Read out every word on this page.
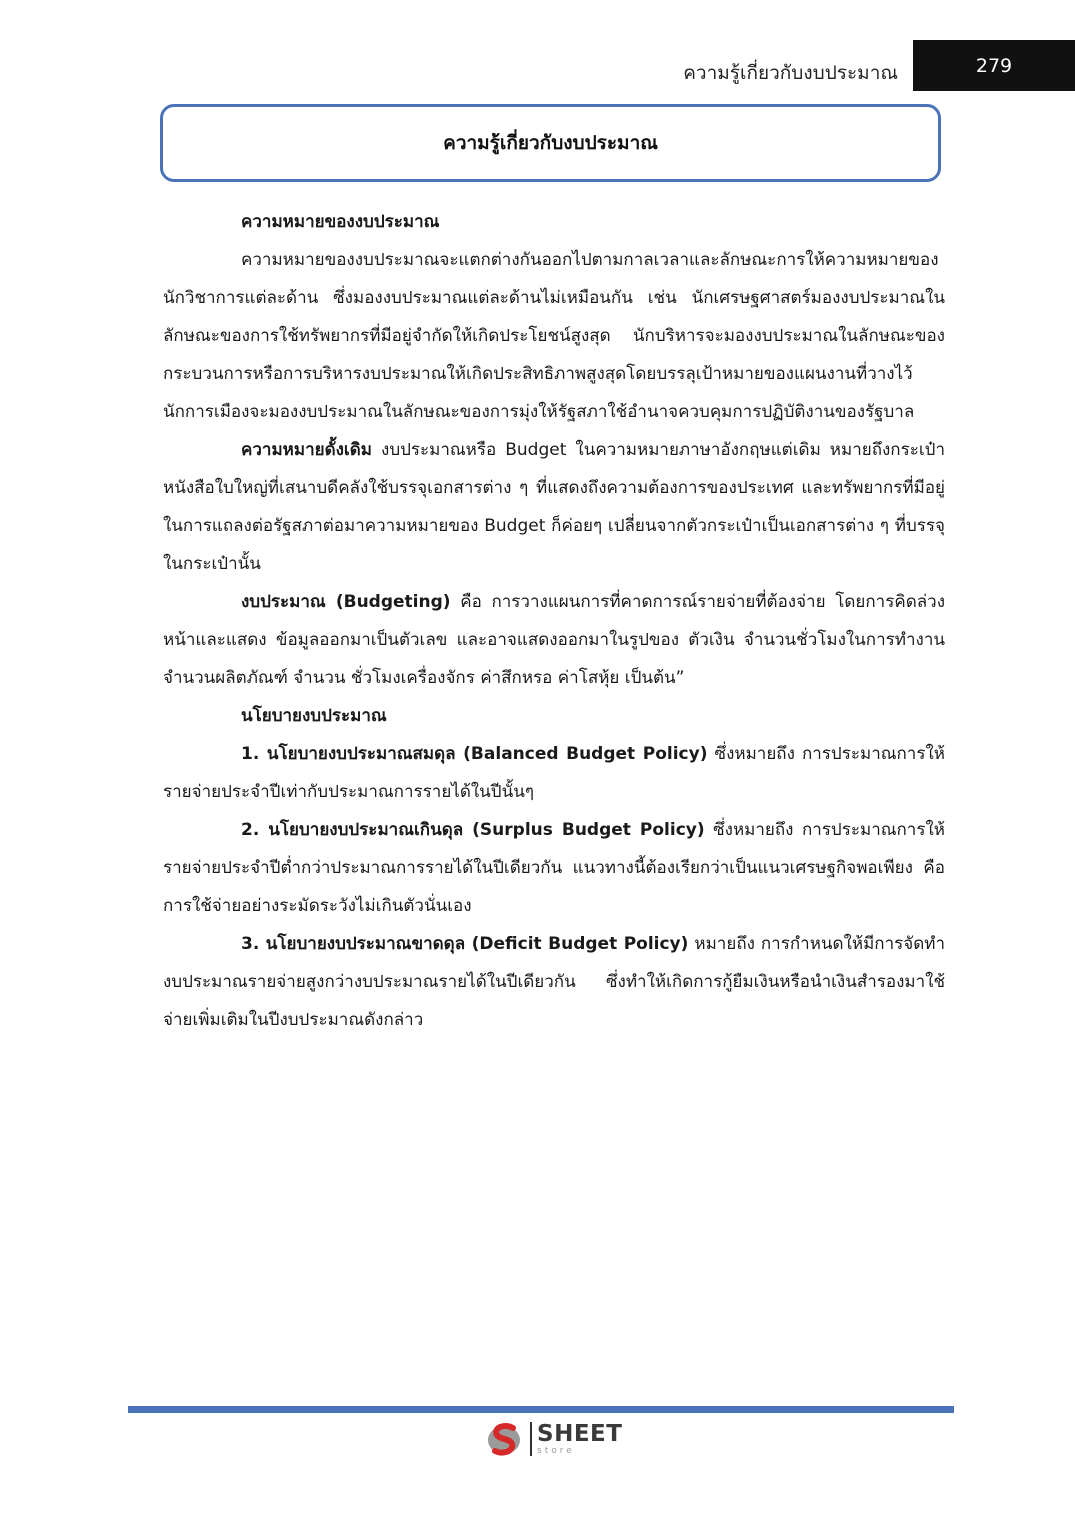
ความรู้เกี่ยวกับงบประมาณ	279
ความรู้เกี่ยวกับงบประมาณ

ความหมายของงบประมาณ

ความหมายของงบประมาณจะแตกต่างกันออกไปตามกาลเวลาและลักษณะการให้ความหมายของนักวิชาการแต่ละด้าน ซึ่งมองงบประมาณแต่ละด้านไม่เหมือนกัน เช่น นักเศรษฐศาสตร์มองงบประมาณในลักษณะของการใช้ทรัพยากรที่มีอยู่จำกัดให้เกิดประโยชน์สูงสุด นักบริหารจะมองงบประมาณในลักษณะของกระบวนการหรือการบริหารงบประมาณให้เกิดประสิทธิภาพสูงสุดโดยบรรลุเป้าหมายของแผนงานที่วางไว้นักการเมืองจะมองงบประมาณในลักษณะของการมุ่งให้รัฐสภาใช้อำนาจควบคุมการปฏิบัติงานของรัฐบาล

ความหมายดั้งเดิม งบประมาณหรือ Budget ในความหมายภาษาอังกฤษแต่เดิม หมายถึงกระเป๋าหนังสือใบใหญ่ที่เสนาบดีคลังใช้บรรจุเอกสารต่าง ๆ ที่แสดงถึงความต้องการของประเทศ และทรัพยากรที่มีอยู่ในการแถลงต่อรัฐสภาต่อมาความหมายของ Budget ก็ค่อยๆ เปลี่ยนจากตัวกระเป๋าเป็นเอกสารต่าง ๆ ที่บรรจุในกระเป๋านั้น

งบประมาณ (Budgeting) คือ การวางแผนการที่คาดการณ์รายจ่ายที่ต้องจ่าย โดยการคิดล่วงหน้าและแสดง ข้อมูลออกมาเป็นตัวเลข และอาจแสดงออกมาในรูปของ ตัวเงิน จำนวนชั่วโมงในการทำงาน จำนวนผลิตภัณฑ์ จำนวน ชั่วโมงเครื่องจักร ค่าสึกหรอ ค่าโสหุ้ย เป็นต้น”

นโยบายงบประมาณ

1. นโยบายงบประมาณสมดุล (Balanced Budget Policy) ซึ่งหมายถึง การประมาณการให้รายจ่ายประจำปีเท่ากับประมาณการรายได้ในปีนั้นๆ

2. นโยบายงบประมาณเกินดุล (Surplus Budget Policy) ซึ่งหมายถึง การประมาณการให้รายจ่ายประจำปีต่ำกว่าประมาณการรายได้ในปีเดียวกัน แนวทางนี้ต้องเรียกว่าเป็นแนวเศรษฐกิจพอเพียง คือ การใช้จ่ายอย่างระมัดระวังไม่เกินตัวนั่นเอง

3. นโยบายงบประมาณขาดดุล (Deficit Budget Policy) หมายถึง การกำหนดให้มีการจัดทำงบประมาณรายจ่ายสูงกว่างบประมาณรายได้ในปีเดียวกัน ซึ่งทำให้เกิดการกู้ยืมเงินหรือนำเงินสำรองมาใช้จ่ายเพิ่มเติมในปีงบประมาณดังกล่าว

SHEET
store
